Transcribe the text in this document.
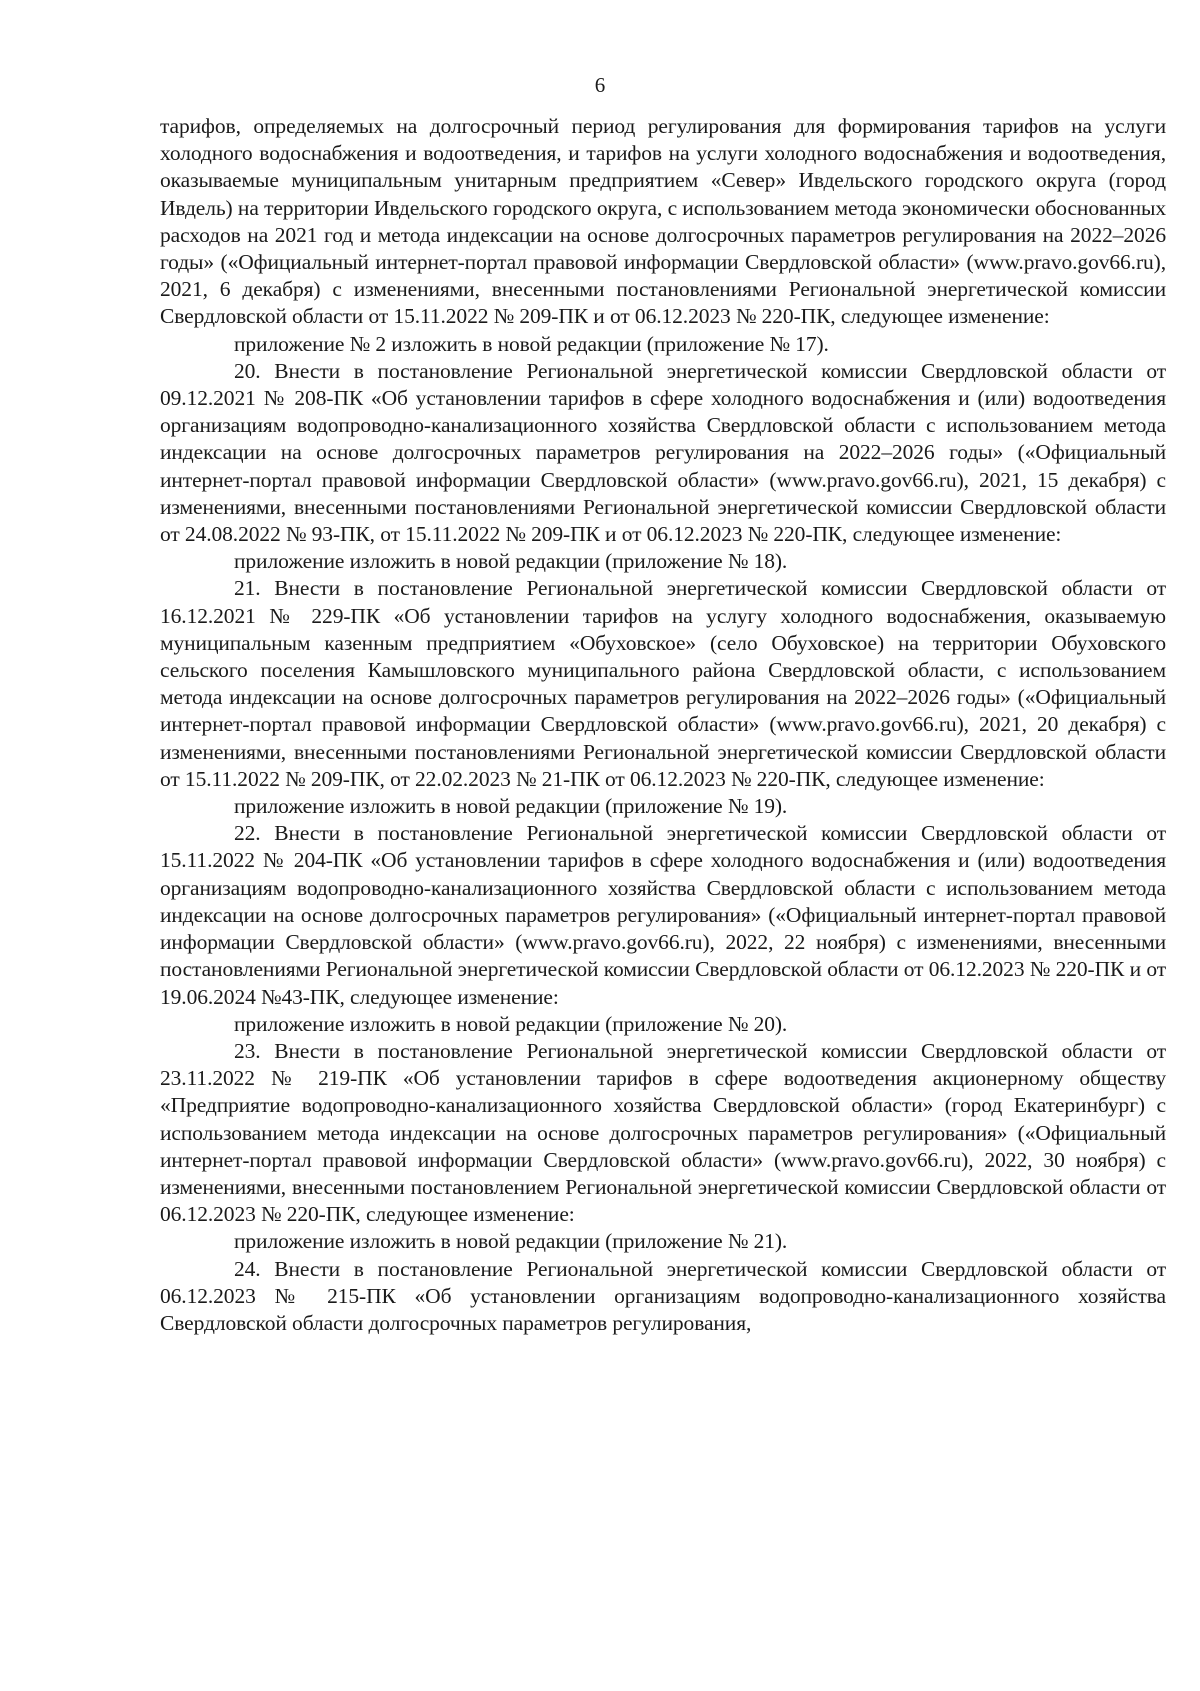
6

тарифов, определяемых на долгосрочный период регулирования для формирования тарифов на услуги холодного водоснабжения и водоотведения, и тарифов на услуги холодного водоснабжения и водоотведения, оказываемые муниципальным унитарным предприятием «Север» Ивдельского городского округа (город Ивдель) на территории Ивдельского городского округа, с использованием метода экономически обоснованных расходов на 2021 год и метода индексации на основе долгосрочных параметров регулирования на 2022–2026 годы» («Официальный интернет-портал правовой информации Свердловской области» (www.pravo.gov66.ru), 2021, 6 декабря) с изменениями, внесенными постановлениями Региональной энергетической комиссии Свердловской области от 15.11.2022 № 209-ПК и от 06.12.2023 № 220-ПК, следующее изменение:

приложение № 2 изложить в новой редакции (приложение № 17).

20. Внести в постановление Региональной энергетической комиссии Свердловской области от 09.12.2021 № 208-ПК «Об установлении тарифов в сфере холодного водоснабжения и (или) водоотведения организациям водопроводно-канализационного хозяйства Свердловской области с использованием метода индексации на основе долгосрочных параметров регулирования на 2022–2026 годы» («Официальный интернет-портал правовой информации Свердловской области» (www.pravo.gov66.ru), 2021, 15 декабря) с изменениями, внесенными постановлениями Региональной энергетической комиссии Свердловской области от 24.08.2022 № 93-ПК, от 15.11.2022 № 209-ПК и от 06.12.2023 № 220-ПК, следующее изменение:

приложение изложить в новой редакции (приложение № 18).

21. Внести в постановление Региональной энергетической комиссии Свердловской области от 16.12.2021 № 229-ПК «Об установлении тарифов на услугу холодного водоснабжения, оказываемую муниципальным казенным предприятием «Обуховское» (село Обуховское) на территории Обуховского сельского поселения Камышловского муниципального района Свердловской области, с использованием метода индексации на основе долгосрочных параметров регулирования на 2022–2026 годы» («Официальный интернет-портал правовой информации Свердловской области» (www.pravo.gov66.ru), 2021, 20 декабря) с изменениями, внесенными постановлениями Региональной энергетической комиссии Свердловской области от 15.11.2022 № 209-ПК, от 22.02.2023 № 21-ПК от 06.12.2023 № 220-ПК, следующее изменение:

приложение изложить в новой редакции (приложение № 19).

22. Внести в постановление Региональной энергетической комиссии Свердловской области от 15.11.2022 № 204-ПК «Об установлении тарифов в сфере холодного водоснабжения и (или) водоотведения организациям водопроводно-канализационного хозяйства Свердловской области с использованием метода индексации на основе долгосрочных параметров регулирования» («Официальный интернет-портал правовой информации Свердловской области» (www.pravo.gov66.ru), 2022, 22 ноября) с изменениями, внесенными постановлениями Региональной энергетической комиссии Свердловской области от 06.12.2023 № 220-ПК и от 19.06.2024 №43-ПК, следующее изменение:

приложение изложить в новой редакции (приложение № 20).

23. Внести в постановление Региональной энергетической комиссии Свердловской области от 23.11.2022 № 219-ПК «Об установлении тарифов в сфере водоотведения акционерному обществу «Предприятие водопроводно-канализационного хозяйства Свердловской области» (город Екатеринбург) с использованием метода индексации на основе долгосрочных параметров регулирования» («Официальный интернет-портал правовой информации Свердловской области» (www.pravo.gov66.ru), 2022, 30 ноября) с изменениями, внесенными постановлением Региональной энергетической комиссии Свердловской области от 06.12.2023 № 220-ПК, следующее изменение:

приложение изложить в новой редакции (приложение № 21).

24. Внести в постановление Региональной энергетической комиссии Свердловской области от 06.12.2023 № 215-ПК «Об установлении организациям водопроводно-канализационного хозяйства Свердловской области долгосрочных параметров регулирования,
